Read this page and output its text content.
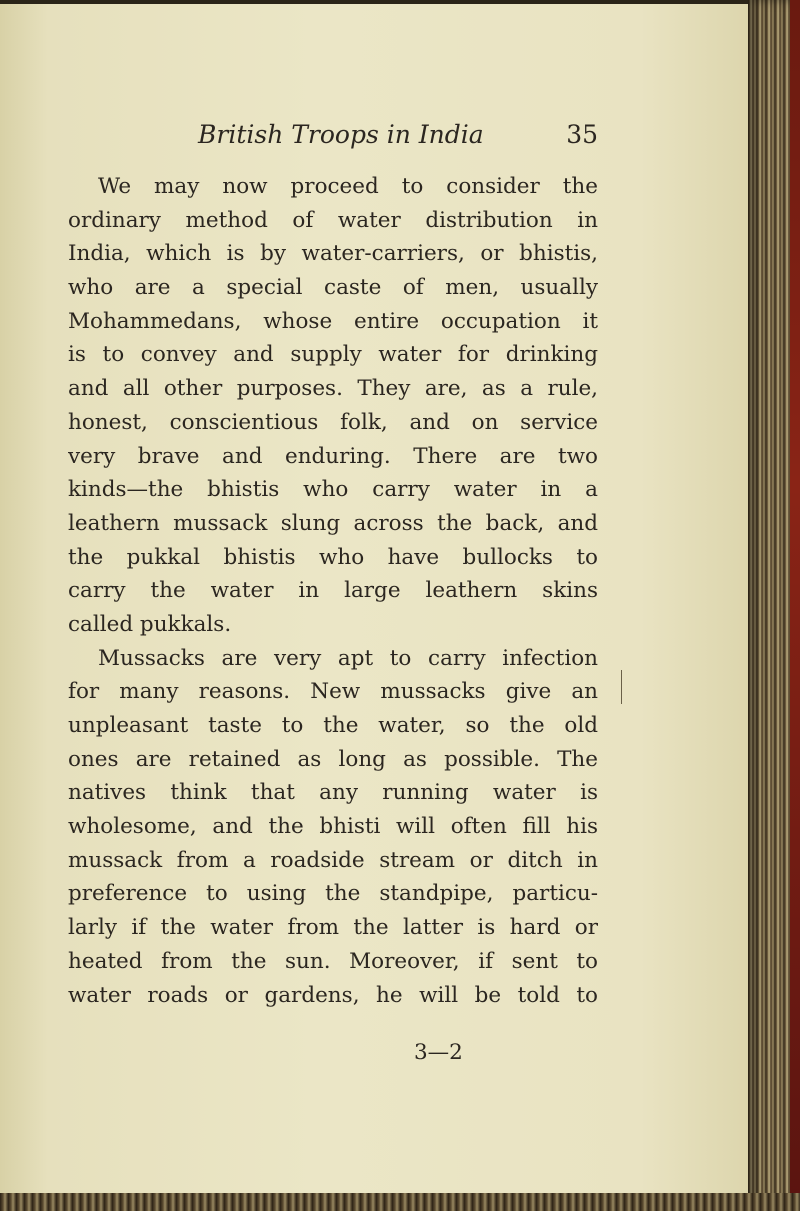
British Troops in India	35
We may now proceed to consider the
ordinary method of water distribution in
India, which is by water-carriers, or bhistis,
who are a special caste of men, usually
Mohammedans, whose entire occupation it
is to convey and supply water for drinking
and all other purposes. They are, as a rule,
honest, conscientious folk, and on service
very brave and enduring. There are two
kinds—the bhistis who carry water in a
leathern mussack slung across the back, and
the pukkal bhistis who have bullocks to
carry the water in large leathern skins
called pukkals.
Mussacks are very apt to carry infection
for many reasons. New mussacks give an
unpleasant taste to the water, so the old
ones are retained as long as possible. The
natives think that any running water is
wholesome, and the bhisti will often fill his
mussack from a roadside stream or ditch in
preference to using the standpipe, particu-
larly if the water from the latter is hard or
heated from the sun. Moreover, if sent to
water roads or gardens, he will be told to
3—2
